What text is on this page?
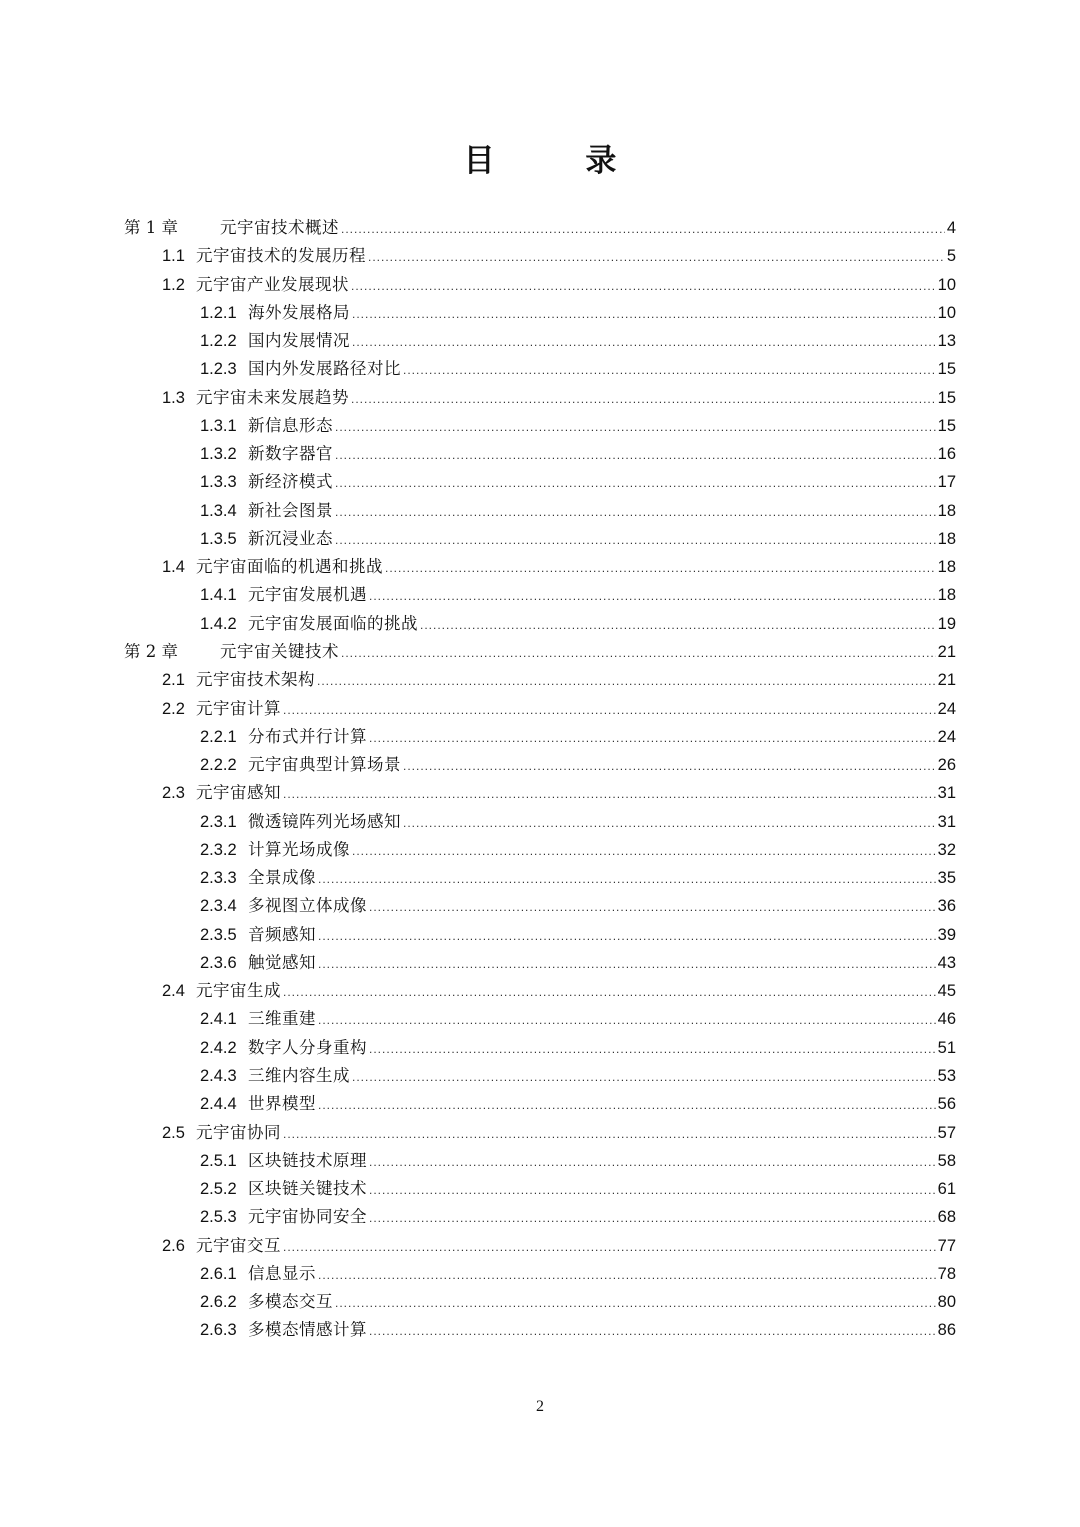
目 录
第 1 章	元宇宙技术概述 .....	4
1.1 元宇宙技术的发展历程 .....	5
1.2 元宇宙产业发展现状 .....	10
1.2.1 海外发展格局 .....	10
1.2.2 国内发展情况 .....	13
1.2.3 国内外发展路径对比 .....	15
1.3 元宇宙未来发展趋势 .....	15
1.3.1 新信息形态 .....	15
1.3.2 新数字器官 .....	16
1.3.3 新经济模式 .....	17
1.3.4 新社会图景 .....	18
1.3.5 新沉浸业态 .....	18
1.4 元宇宙面临的机遇和挑战 .....	18
1.4.1 元宇宙发展机遇 .....	18
1.4.2 元宇宙发展面临的挑战 .....	19
第 2 章	元宇宙关键技术 .....	21
2.1 元宇宙技术架构 .....	21
2.2 元宇宙计算 .....	24
2.2.1 分布式并行计算 .....	24
2.2.2 元宇宙典型计算场景 .....	26
2.3 元宇宙感知 .....	31
2.3.1 微透镜阵列光场感知 .....	31
2.3.2 计算光场成像 .....	32
2.3.3 全景成像 .....	35
2.3.4 多视图立体成像 .....	36
2.3.5 音频感知 .....	39
2.3.6 触觉感知 .....	43
2.4 元宇宙生成 .....	45
2.4.1 三维重建 .....	46
2.4.2 数字人分身重构 .....	51
2.4.3 三维内容生成 .....	53
2.4.4 世界模型 .....	56
2.5 元宇宙协同 .....	57
2.5.1 区块链技术原理 .....	58
2.5.2 区块链关键技术 .....	61
2.5.3 元宇宙协同安全 .....	68
2.6 元宇宙交互 .....	77
2.6.1 信息显示 .....	78
2.6.2 多模态交互 .....	80
2.6.3 多模态情感计算 .....	86
2
